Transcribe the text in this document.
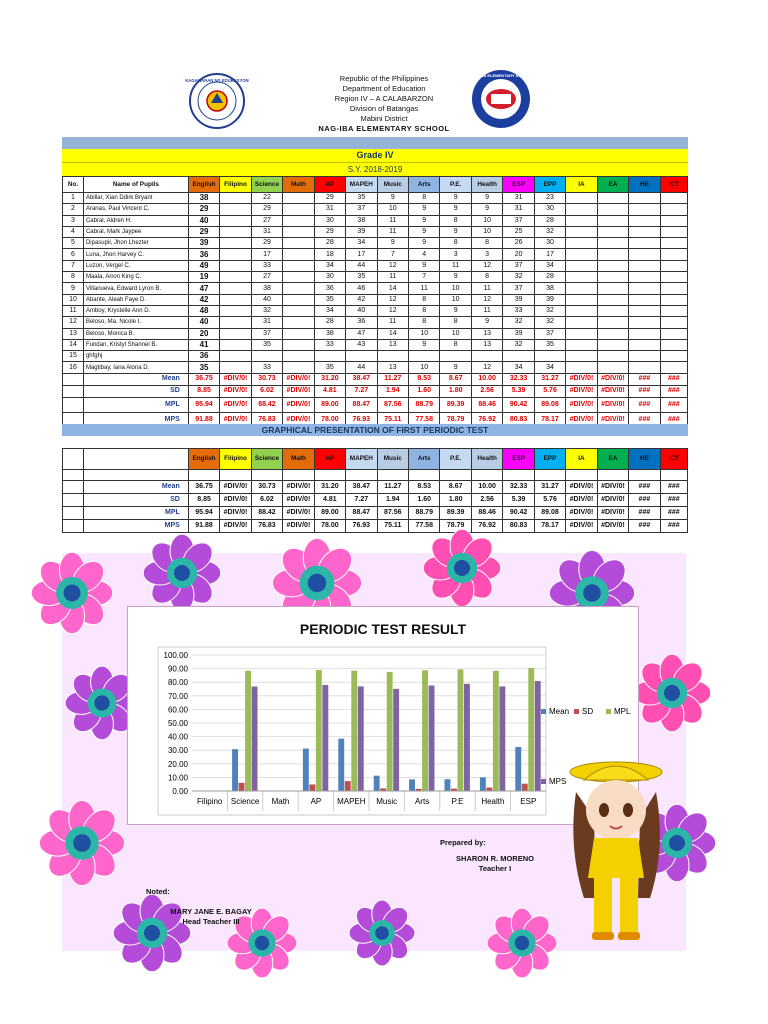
KAGAWARAN NG EDUKASYON
NAG-IBA ELEMENTARY SCHOOL
Republic of the Philippines
Department of Education
Region IV – A CALABARZON
Division of Batangas
Mabini District
NAG-IBA ELEMENTARY SCHOOL
Grade IV
S.Y. 2018-2019
No.	Name of Pupils	English	Filipino	Science	Math	AP	MAPEH	Music	Arts	P.E.	Health	ESP	EPP	IA	EA	HE	ICT
1	Abillar, Xian Ddirk Bryant	38		22		29	35	9	8	9	9	31	23				
2	Aranas, Paul Vincent C.	29		29		31	37	10	9	9	9	31	30				
3	Cabral, Aldren H.	40		27		30	38	11	9	8	10	37	28				
4	Cabral, Mark Jaypee	29		31		29	39	11	9	9	10	25	32				
5	Dipasupil, Jhon Lhezter	39		29		28	34	9	9	8	8	26	30				
6	Luna, Jhon Harvey C.	36		17		18	17	7	4	3	3	20	17				
7	Luzon, Vergel C.	49		33		34	44	12	9	11	12	37	34				
8	Maala, Arron King C.	19		27		30	35	11	7	9	8	32	28				
9	Villanueva, Edward Lyron B.	47		38		36	46	14	11	10	11	37	38				
10	Abante, Aleah Faye D.	42		40		35	42	12	8	10	12	39	39				
11	Amboy, Krystelle Ann D.	48		32		34	40	12	8	9	11	33	32				
12	Beloso, Ma. Nicole I.	40		31		28	36	11	8	8	9	32	32				
13	Beloso, Monica B.	20		37		38	47	14	10	10	13	39	37				
14	Fundan, Kristyl Shannel B.	41		35		33	43	13	9	8	13	32	35				
15	ghfghj	36															
16	Magtibay, Iana Alona D.	35		33		35	44	13	10	9	12	34	34				
	Mean	36.75	#DIV/0!	30.73	#DIV/0!	31.20	38.47	11.27	8.53	8.67	10.00	32.33	31.27	#DIV/0!	#DIV/0!	###	###
	SD	8.85	#DIV/0!	6.02	#DIV/0!	4.81	7.27	1.94	1.60	1.80	2.56	5.39	5.76	#DIV/0!	#DIV/0!	###	###
	MPL	95.94	#DIV/0!	88.42	#DIV/0!	89.00	88.47	87.56	88.79	89.39	88.46	90.42	89.08	#DIV/0!	#DIV/0!	###	###
	MPS	91.88	#DIV/0!	76.83	#DIV/0!	78.00	76.93	75.11	77.58	78.79	76.92	80.83	78.17	#DIV/0!	#DIV/0!	###	###
GRAPHICAL PRESENTATION OF FIRST PERIODIC TEST
		English	Filipino	Science	Math	AP	MAPEH	Music	Arts	P.E.	Health	ESP	EPP	IA	EA	HE	ICT

	Mean	36.75	#DIV/0!	30.73	#DIV/0!	31.20	38.47	11.27	8.53	8.67	10.00	32.33	31.27	#DIV/0!	#DIV/0!	###	###
	SD	8.85	#DIV/0!	6.02	#DIV/0!	4.81	7.27	1.94	1.60	1.80	2.56	5.39	5.76	#DIV/0!	#DIV/0!	###	###
	MPL	95.94	#DIV/0!	88.42	#DIV/0!	89.00	88.47	87.56	88.79	89.39	88.46	90.42	89.08	#DIV/0!	#DIV/0!	###	###
	MPS	91.88	#DIV/0!	76.83	#DIV/0!	78.00	76.93	75.11	77.58	78.79	76.92	80.83	78.17	#DIV/0!	#DIV/0!	###	###
PERIODIC TEST RESULT
100.00
90.00
80.00
70.00
60.00
50.00
40.00
30.00
20.00
10.00
0.00
Filipino Science Math	AP MAPEH Music Arts	P.E Health ESP
Mean SD	MPL
MPS
Prepared by:
SHARON R. MORENO
Teacher I
Noted:
MARY JANE E. BAGAY
Head Teacher III
